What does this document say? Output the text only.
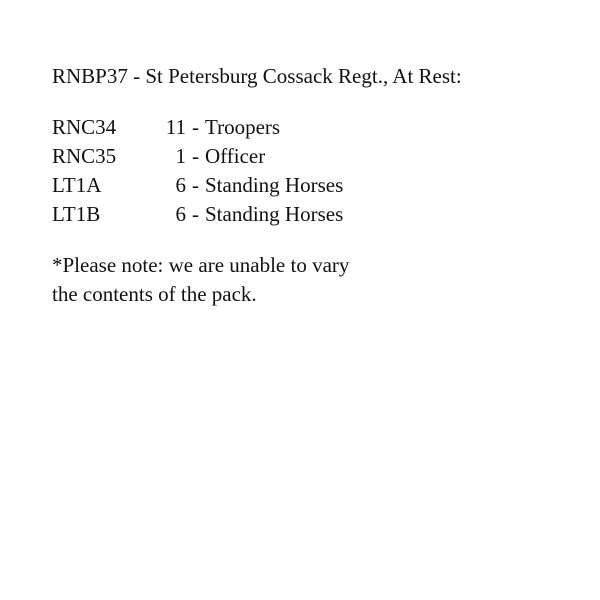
RNBP37 - St Petersburg Cossack Regt., At Rest:
RNC34	11 - Troopers
RNC35	1 - Officer
LT1A	6 - Standing Horses
LT1B	6 - Standing Horses
*Please note: we are unable to vary
the contents of the pack.
